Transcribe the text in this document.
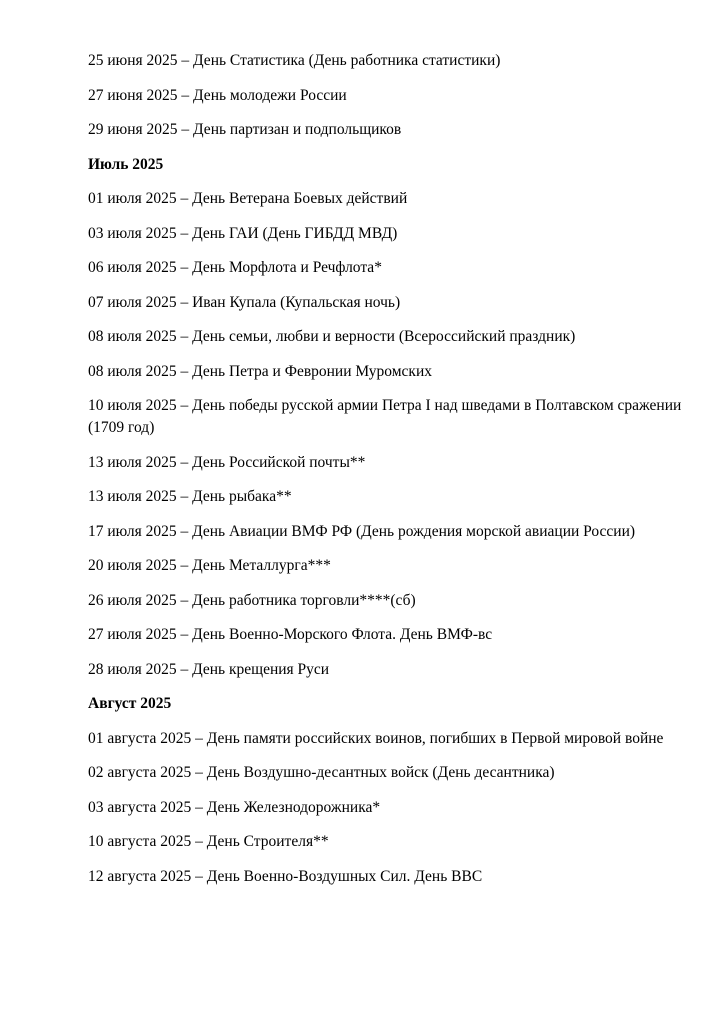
25 июня 2025 – День Статистика (День работника статистики)

27 июня 2025 – День молодежи России

29 июня 2025 – День партизан и подпольщиков

Июль 2025

01 июля 2025 – День Ветерана Боевых действий

03 июля 2025 – День ГАИ (День ГИБДД МВД)

06 июля 2025 – День Морфлота и Речфлота*

07 июля 2025 – Иван Купала (Купальская ночь)

08 июля 2025 – День семьи, любви и верности (Всероссийский праздник)

08 июля 2025 – День Петра и Февронии Муромских

10 июля 2025 – День победы русской армии Петра I над шведами в Полтавском сражении (1709 год)

13 июля 2025 – День Российской почты**

13 июля 2025 – День рыбака**

17 июля 2025 – День Авиации ВМФ РФ (День рождения морской авиации России)

20 июля 2025 – День Металлурга***

26 июля 2025 – День работника торговли****(сб)

27 июля 2025 – День Военно-Морского Флота. День ВМФ-вс

28 июля 2025 – День крещения Руси

Август 2025

01 августа 2025 – День памяти российских воинов, погибших в Первой мировой войне

02 августа 2025 – День Воздушно-десантных войск (День десантника)

03 августа 2025 – День Железнодорожника*

10 августа 2025 – День Строителя**

12 августа 2025 – День Военно-Воздушных Сил. День ВВС
